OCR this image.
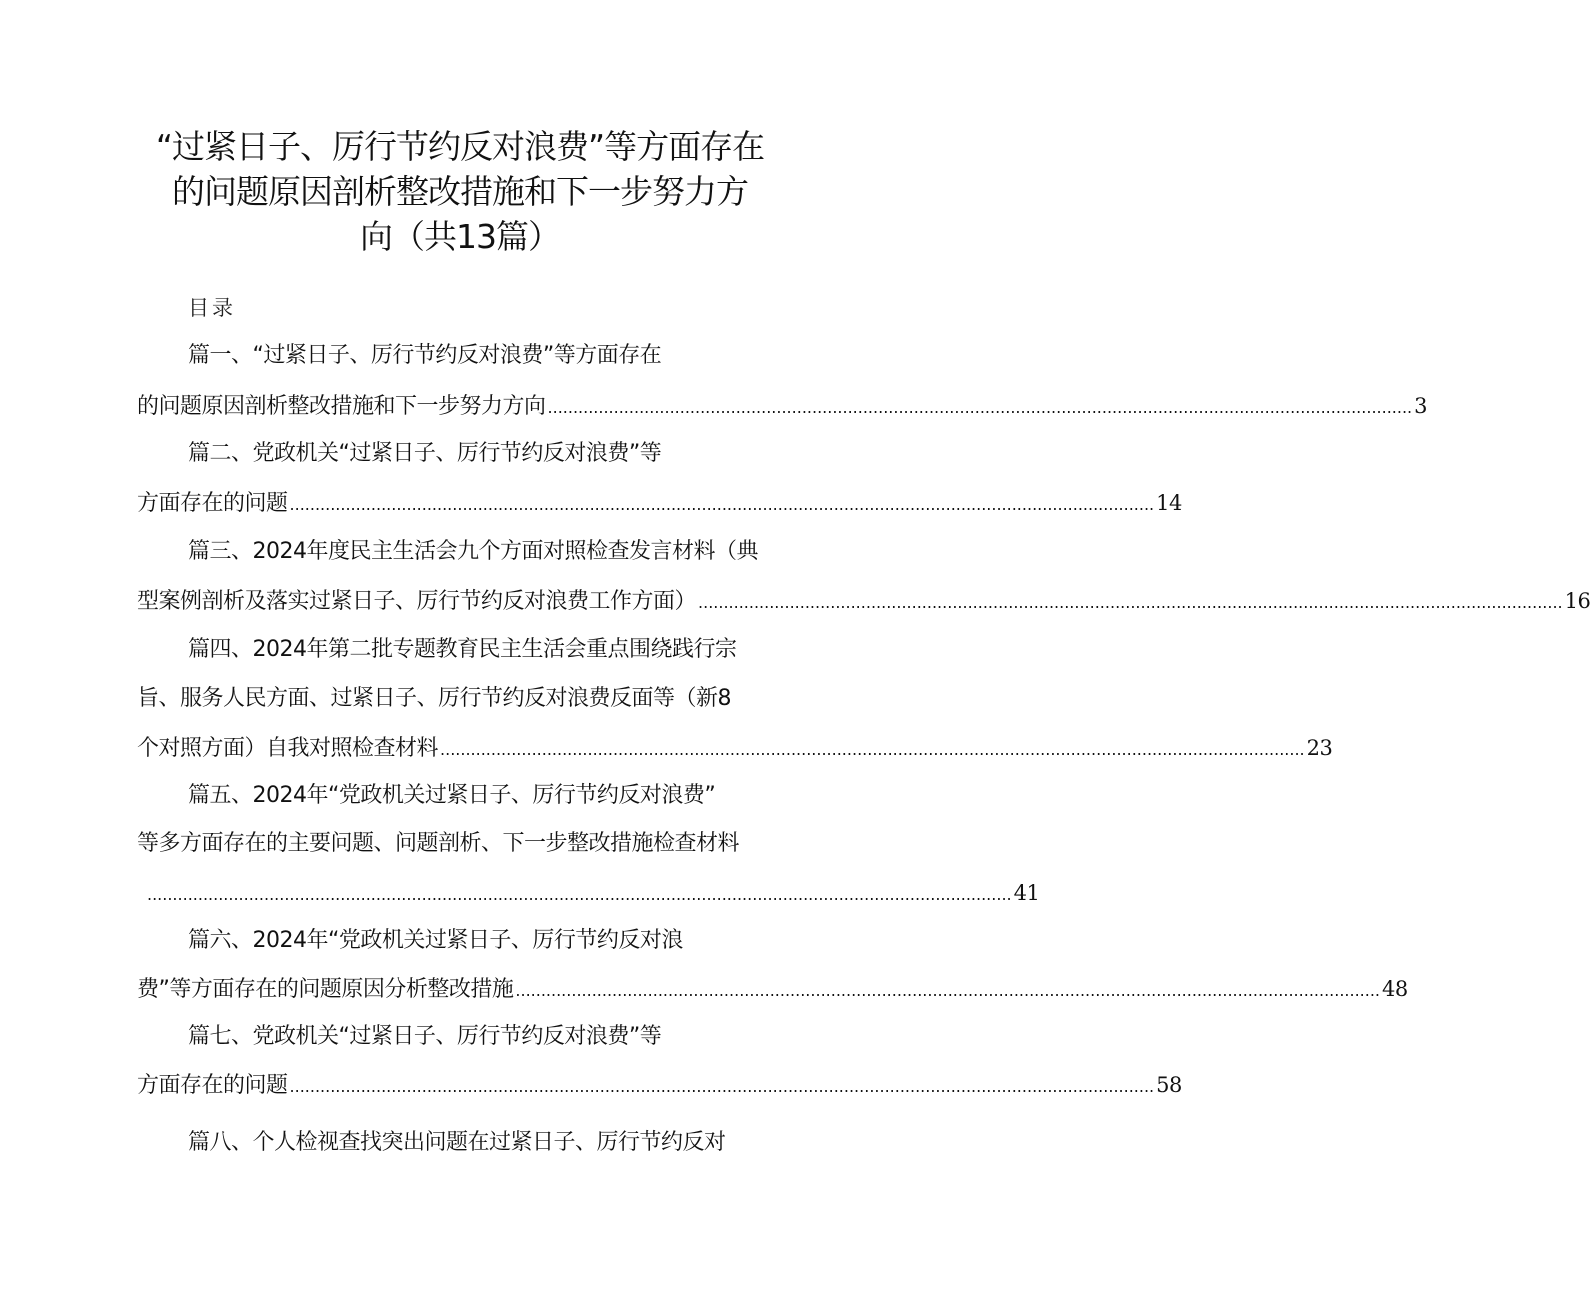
“过紧日子、厉行节约反对浪费”等方面存在
的问题原因剖析整改措施和下一步努力方
向（共13篇）
目录
篇一、“过紧日子、厉行节约反对浪费”等方面存在
的问题原因剖析整改措施和下一步努力方向 .......................................................................................................................................................................... 3
篇二、党政机关“过紧日子、厉行节约反对浪费”等
方面存在的问题 .......................................................................................................................................................................... 14
篇三、2024年度民主生活会九个方面对照检查发言材料（典
型案例剖析及落实过紧日子、厉行节约反对浪费工作方面） .......................................................................................................................................................................... 16
篇四、2024年第二批专题教育民主生活会重点围绕践行宗
旨、服务人民方面、过紧日子、厉行节约反对浪费反面等（新8
个对照方面）自我对照检查材料 .......................................................................................................................................................................... 23
篇五、2024年“党政机关过紧日子、厉行节约反对浪费”
等多方面存在的主要问题、问题剖析、下一步整改措施检查材料
.......................................................................................................................................................................... 41
篇六、2024年“党政机关过紧日子、厉行节约反对浪
费”等方面存在的问题原因分析整改措施 .......................................................................................................................................................................... 48
篇七、党政机关“过紧日子、厉行节约反对浪费”等
方面存在的问题 .......................................................................................................................................................................... 58
篇八、个人检视查找突出问题在过紧日子、厉行节约反对
